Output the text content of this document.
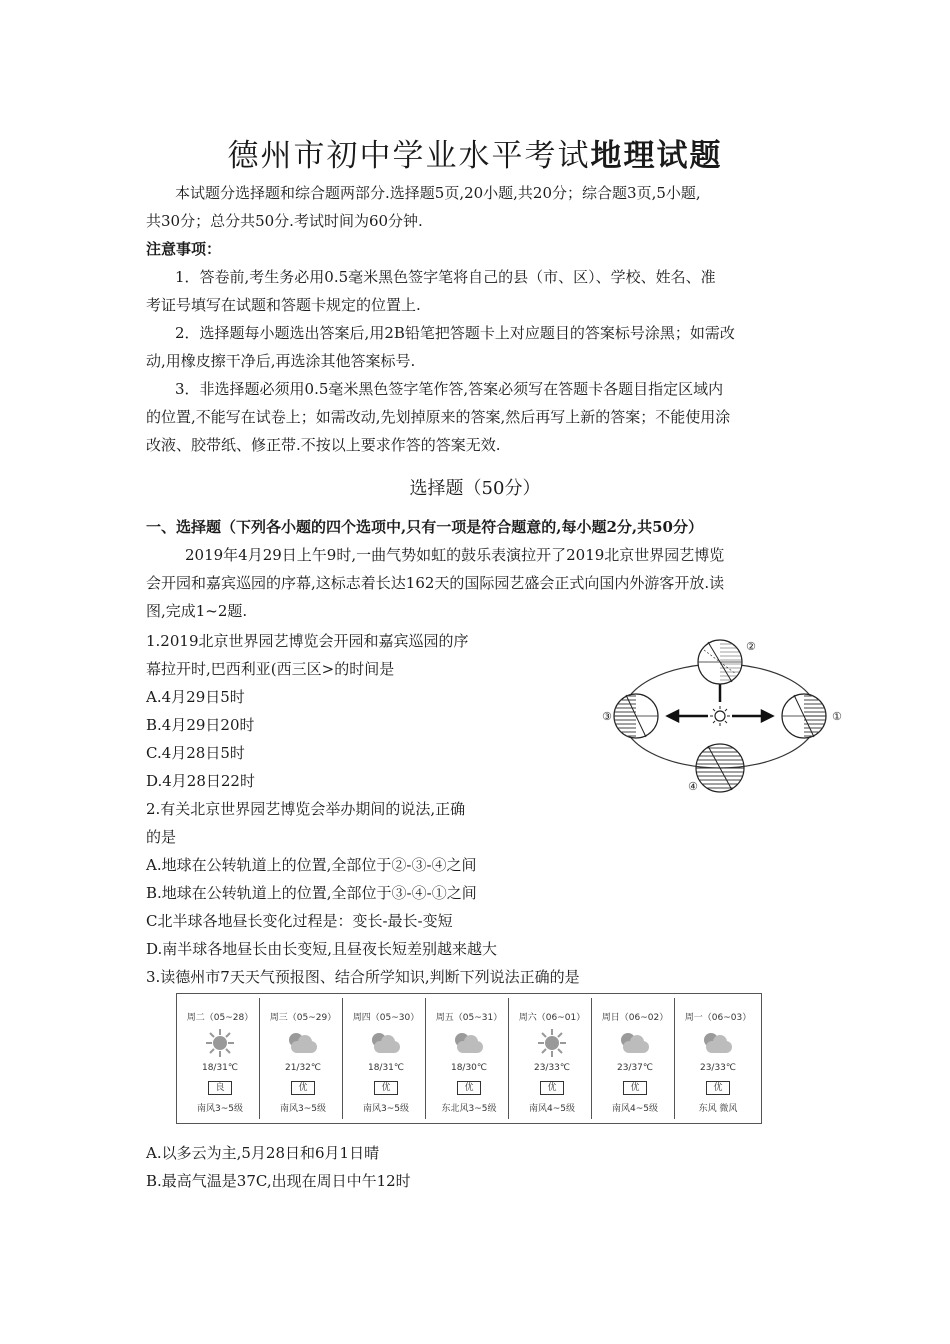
德州市初中学业水平考试地理试题
本试题分选择题和综合题两部分.选择题5页,20小题,共20分；综合题3页,5小题,
共30分；总分共50分.考试时间为60分钟.
注意事项：
1．答卷前,考生务必用0.5毫米黑色签字笔将自己的县（市、区）、学校、姓名、准
考证号填写在试题和答题卡规定的位置上.
2．选择题每小题选出答案后,用2B铅笔把答题卡上对应题目的答案标号涂黑；如需改
动,用橡皮擦干净后,再选涂其他答案标号.
3．非选择题必须用0.5毫米黑色签字笔作答,答案必须写在答题卡各题目指定区域内
的位置,不能写在试卷上；如需改动,先划掉原来的答案,然后再写上新的答案；不能使用涂
改液、胶带纸、修正带.不按以上要求作答的答案无效.
选择题（50分）
一、选择题（下列各小题的四个选项中,只有一项是符合题意的,每小题2分,共50分）
2019年4月29日上午9时,一曲气势如虹的鼓乐表演拉开了2019北京世界园艺博览
会开园和嘉宾巡园的序幕,这标志着长达162天的国际园艺盛会正式向国内外游客开放.读
图,完成1~2题.
1.2019北京世界园艺博览会开园和嘉宾巡园的序
幕拉开时,巴西利亚(西三区>的时间是
A.4月29日5时
B.4月29日20时
C.4月28日5时
D.4月28日22时
2.有关北京世界园艺博览会举办期间的说法,正确
的是
A.地球在公转轨道上的位置,全部位于②-③-④之间
B.地球在公转轨道上的位置,全部位于③-④-①之间
C北半球各地昼长变化过程是：变长-最长-变短
D.南半球各地昼长由长变短,且昼夜长短差别越来越大
3.读德州市7天天气预报图、结合所学知识,判断下列说法正确的是
①
②
③
④
周二（05~28）
18/31℃
良
南风3~5级
周三（05~29）
21/32℃
优
南风3~5级
周四（05~30）
18/31℃
优
南风3~5级
周五（05~31）
18/30℃
优
东北风3~5级
周六（06~01）
23/33℃
优
南风4~5级
周日（06~02）
23/37℃
优
南风4~5级
周一（06~03）
23/33℃
优
东风 微风
A.以多云为主,5月28日和6月1日晴
B.最高气温是37C,出现在周日中午12时
